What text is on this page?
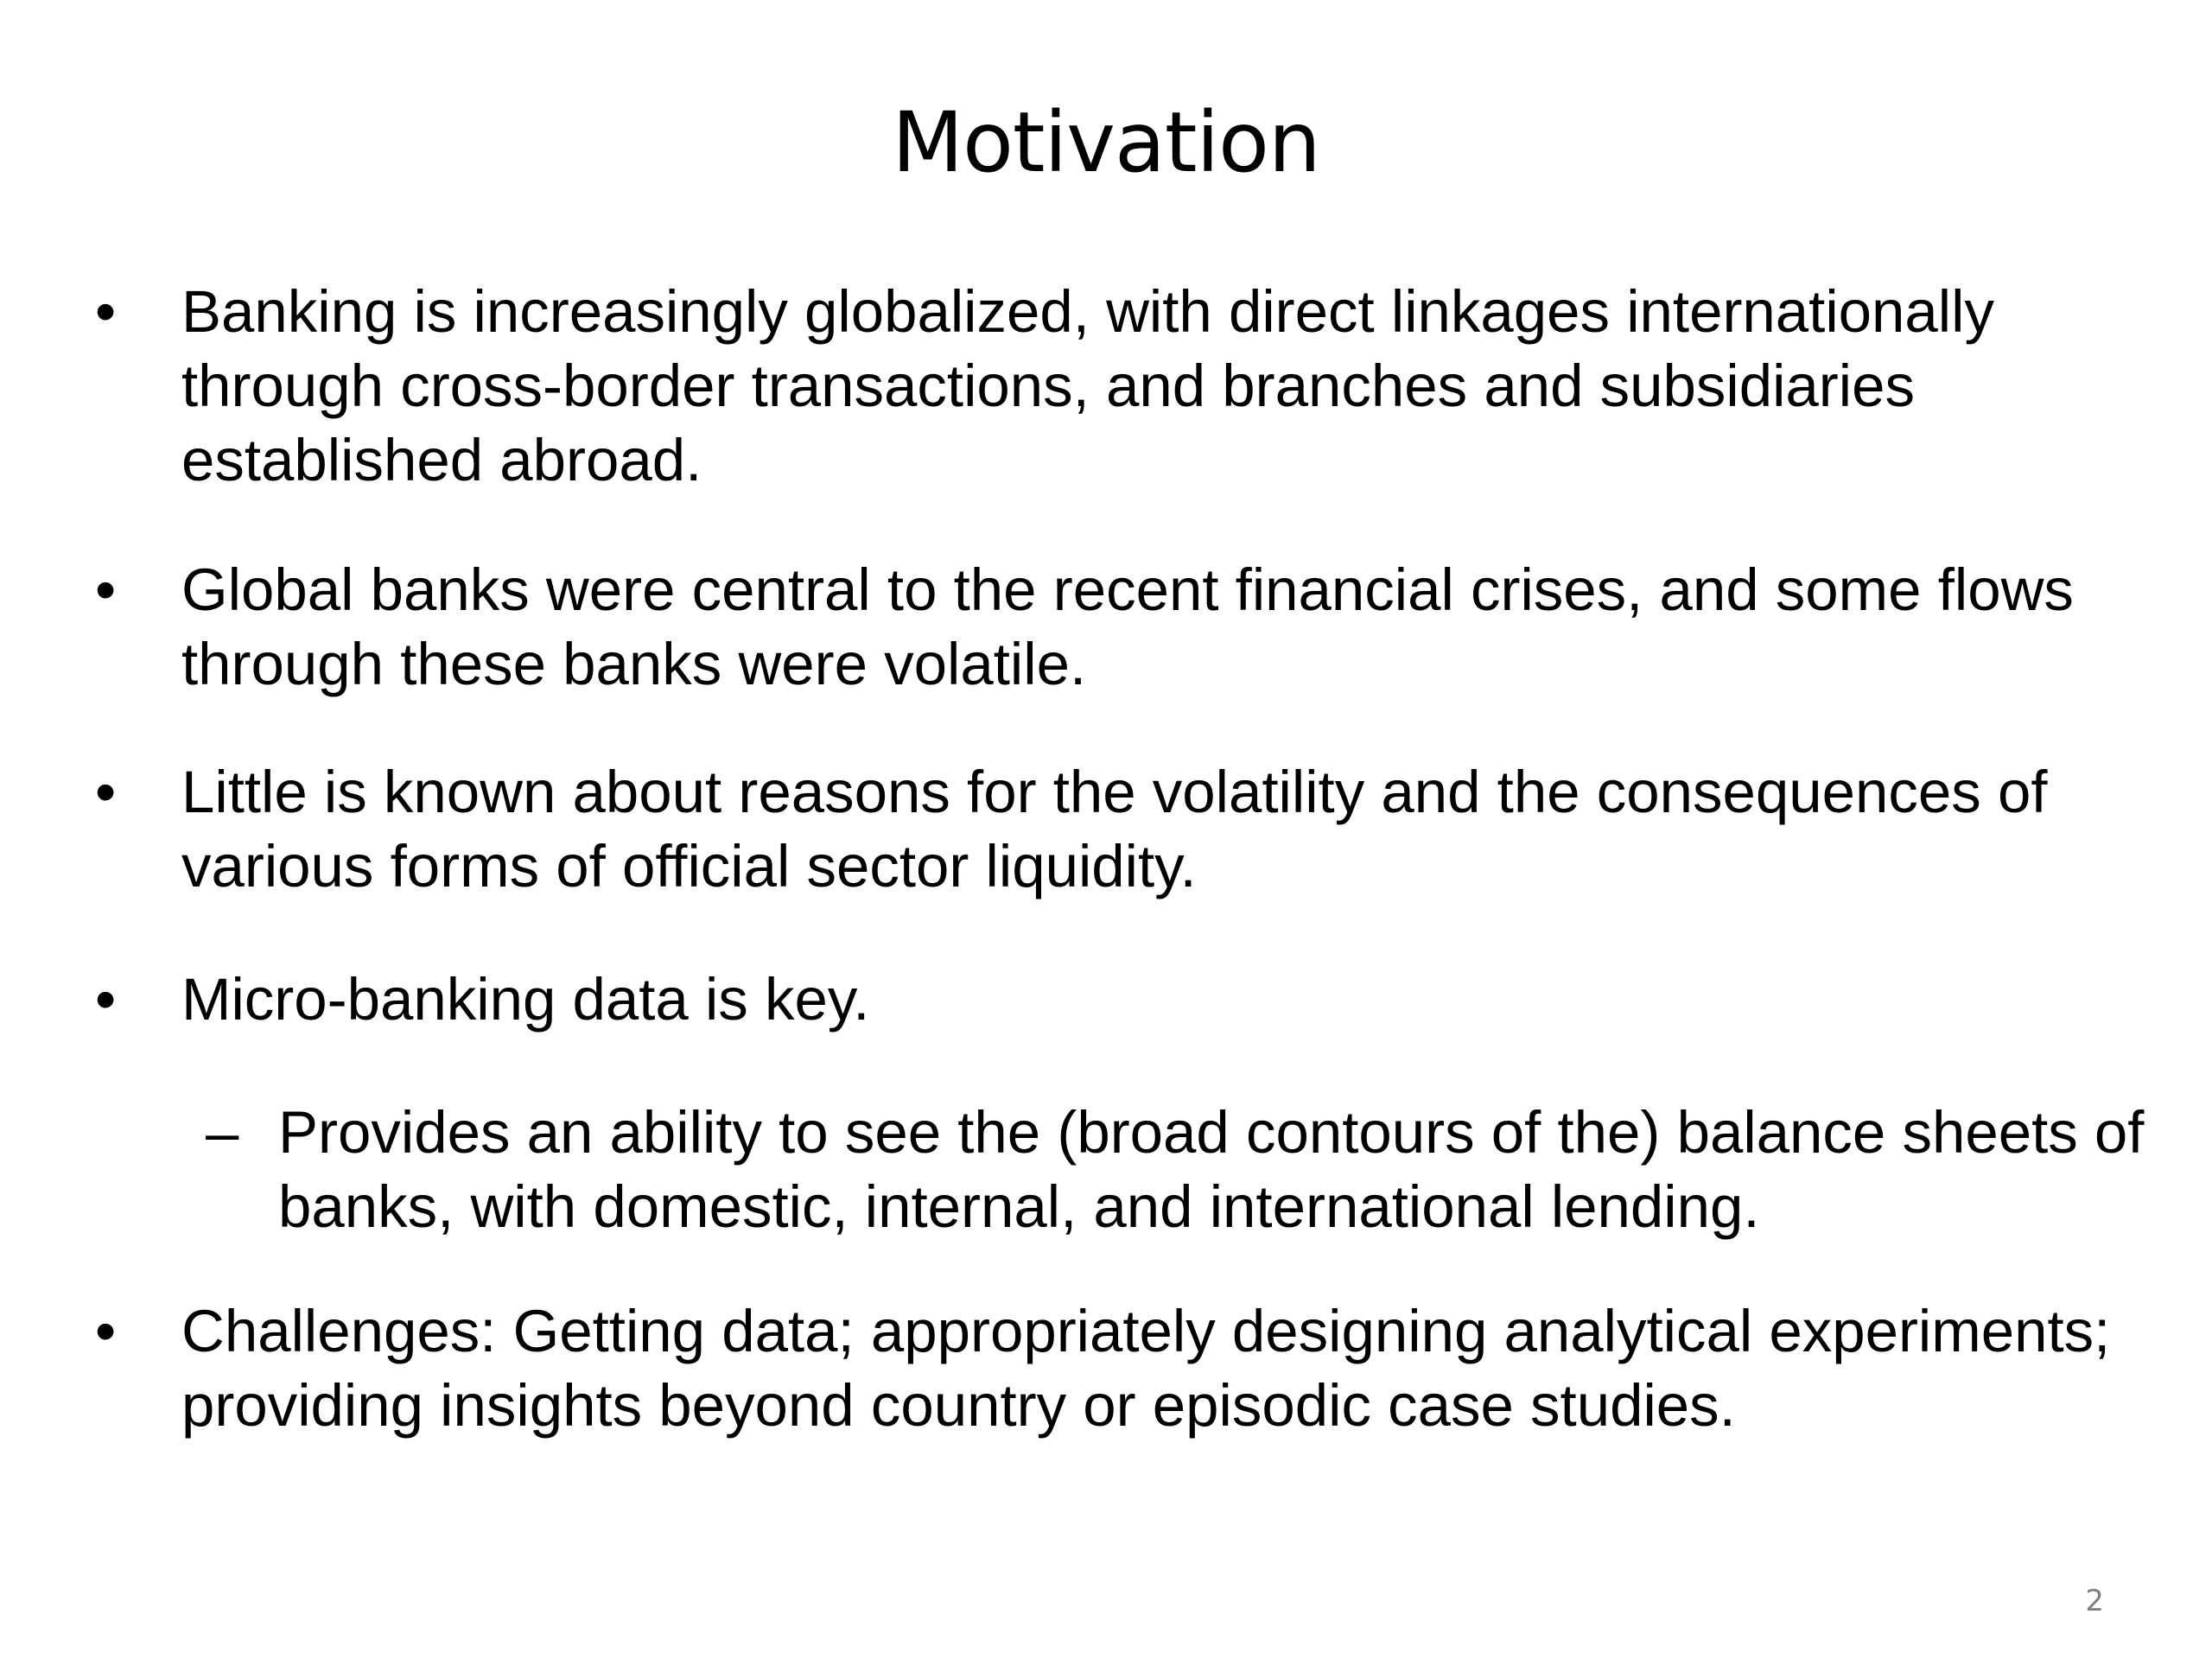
Motivation

• Banking is increasingly globalized, with direct linkages internationally through cross-border transactions, and branches and subsidiaries established abroad.

• Global banks were central to the recent financial crises, and some flows through these banks were volatile.

• Little is known about reasons for the volatility and the consequences of various forms of official sector liquidity.

• Micro-banking data is key.

– Provides an ability to see the (broad contours of the) balance sheets of banks, with domestic, internal, and international lending.

• Challenges: Getting data; appropriately designing analytical experiments; providing insights beyond country or episodic case studies.

2
